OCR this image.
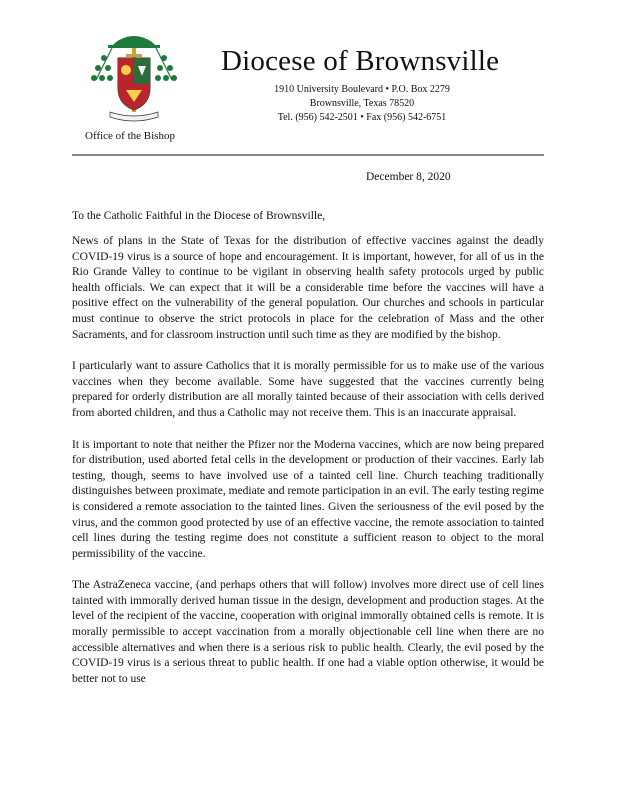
Office of the Bishop
Diocese of Brownsville
1910 University Boulevard • P.O. Box 2279
Brownsville, Texas 78520
Tel. (956) 542-2501 • Fax (956) 542-6751
December 8, 2020
To the Catholic Faithful in the Diocese of Brownsville,

News of plans in the State of Texas for the distribution of effective vaccines against the deadly COVID-19 virus is a source of hope and encouragement. It is important, however, for all of us in the Rio Grande Valley to continue to be vigilant in observing health safety protocols urged by public health officials. We can expect that it will be a considerable time before the vaccines will have a positive effect on the vulnerability of the general population. Our churches and schools in particular must continue to observe the strict protocols in place for the celebration of Mass and the other Sacraments, and for classroom instruction until such time as they are modified by the bishop.

I particularly want to assure Catholics that it is morally permissible for us to make use of the various vaccines when they become available. Some have suggested that the vaccines currently being prepared for orderly distribution are all morally tainted because of their association with cells derived from aborted children, and thus a Catholic may not receive them. This is an inaccurate appraisal.

It is important to note that neither the Pfizer nor the Moderna vaccines, which are now being prepared for distribution, used aborted fetal cells in the development or production of their vaccines. Early lab testing, though, seems to have involved use of a tainted cell line. Church teaching traditionally distinguishes between proximate, mediate and remote participation in an evil. The early testing regime is considered a remote association to the tainted lines. Given the seriousness of the evil posed by the virus, and the common good protected by use of an effective vaccine, the remote association to tainted cell lines during the testing regime does not constitute a sufficient reason to object to the moral permissibility of the vaccine.

The AstraZeneca vaccine, (and perhaps others that will follow) involves more direct use of cell lines tainted with immorally derived human tissue in the design, development and production stages. At the level of the recipient of the vaccine, cooperation with original immorally obtained cells is remote. It is morally permissible to accept vaccination from a morally objectionable cell line when there are no accessible alternatives and when there is a serious risk to public health. Clearly, the evil posed by the COVID-19 virus is a serious threat to public health. If one had a viable option otherwise, it would be better not to use
